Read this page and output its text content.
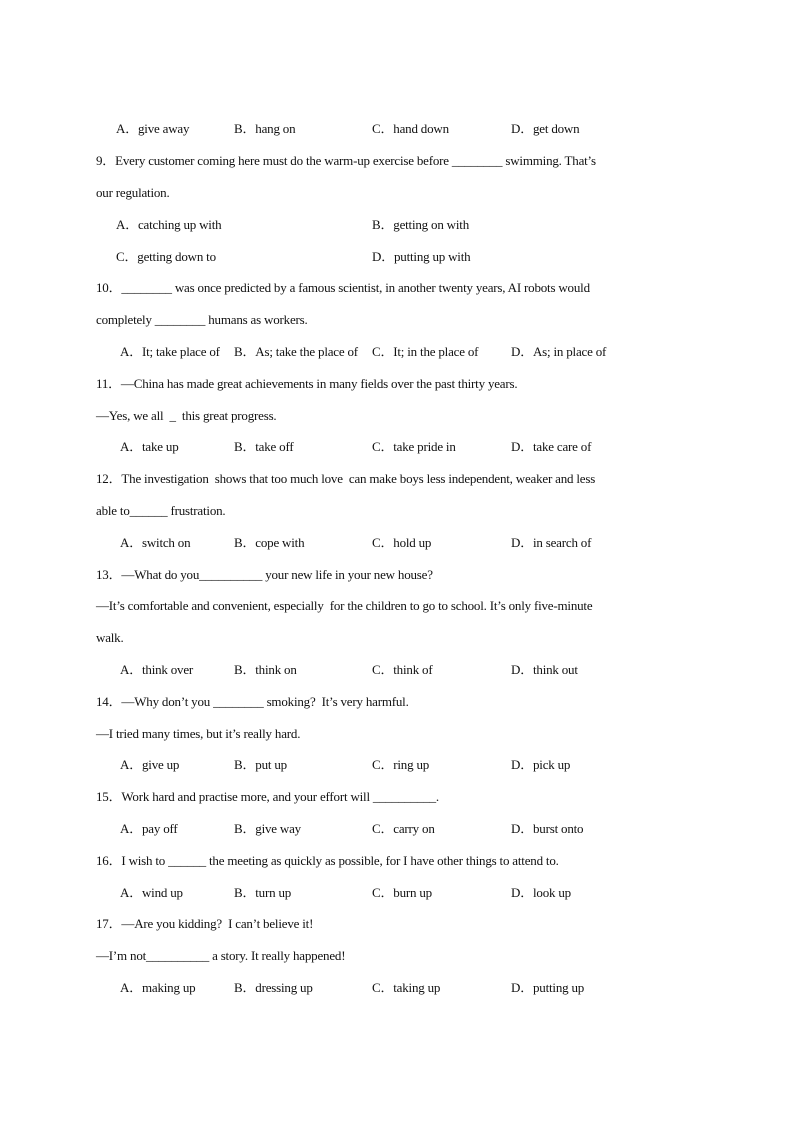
A．give away	B．hang on	C．hand down	D．get down
9．Every customer coming here must do the warm-up exercise before ________ swimming. That’s
our regulation.
A．catching up with	B．getting on with
C．getting down to	D．putting up with
10．________ was once predicted by a famous scientist, in another twenty years, AI robots would
completely ________ humans as workers.
A．It; take place of B．As; take the place of C．It; in the place of	D．As; in place of
11．—China has made great achievements in many fields over the past thirty years.
—Yes, we all  _  this great progress.
A．take up	B．take off	C．take pride in	D．take care of
12．The investigation  shows that too much love  can make boys less independent, weaker and less
able to______ frustration.
A．switch on	B．cope with	C．hold up	D．in search of
13．—What do you__________ your new life in your new house?
—It’s comfortable and convenient, especially  for the children to go to school. It’s only five-minute
walk.
A．think over	B．think on	C．think of	D．think out
14．—Why don’t you ________ smoking?  It’s very harmful.
—I tried many times, but it’s really hard.
A．give up	B．put up	C．ring up	D．pick up
15．Work hard and practise more, and your effort will __________.
A．pay off	B．give way	C．carry on	D．burst onto
16．I wish to ______ the meeting as quickly as possible, for I have other things to attend to.
A．wind up	B．turn up	C．burn up	D．look up
17．—Are you kidding?  I can’t believe it!
—I’m not__________ a story. It really happened!
A．making up	B．dressing up	C．taking up	D．putting up
